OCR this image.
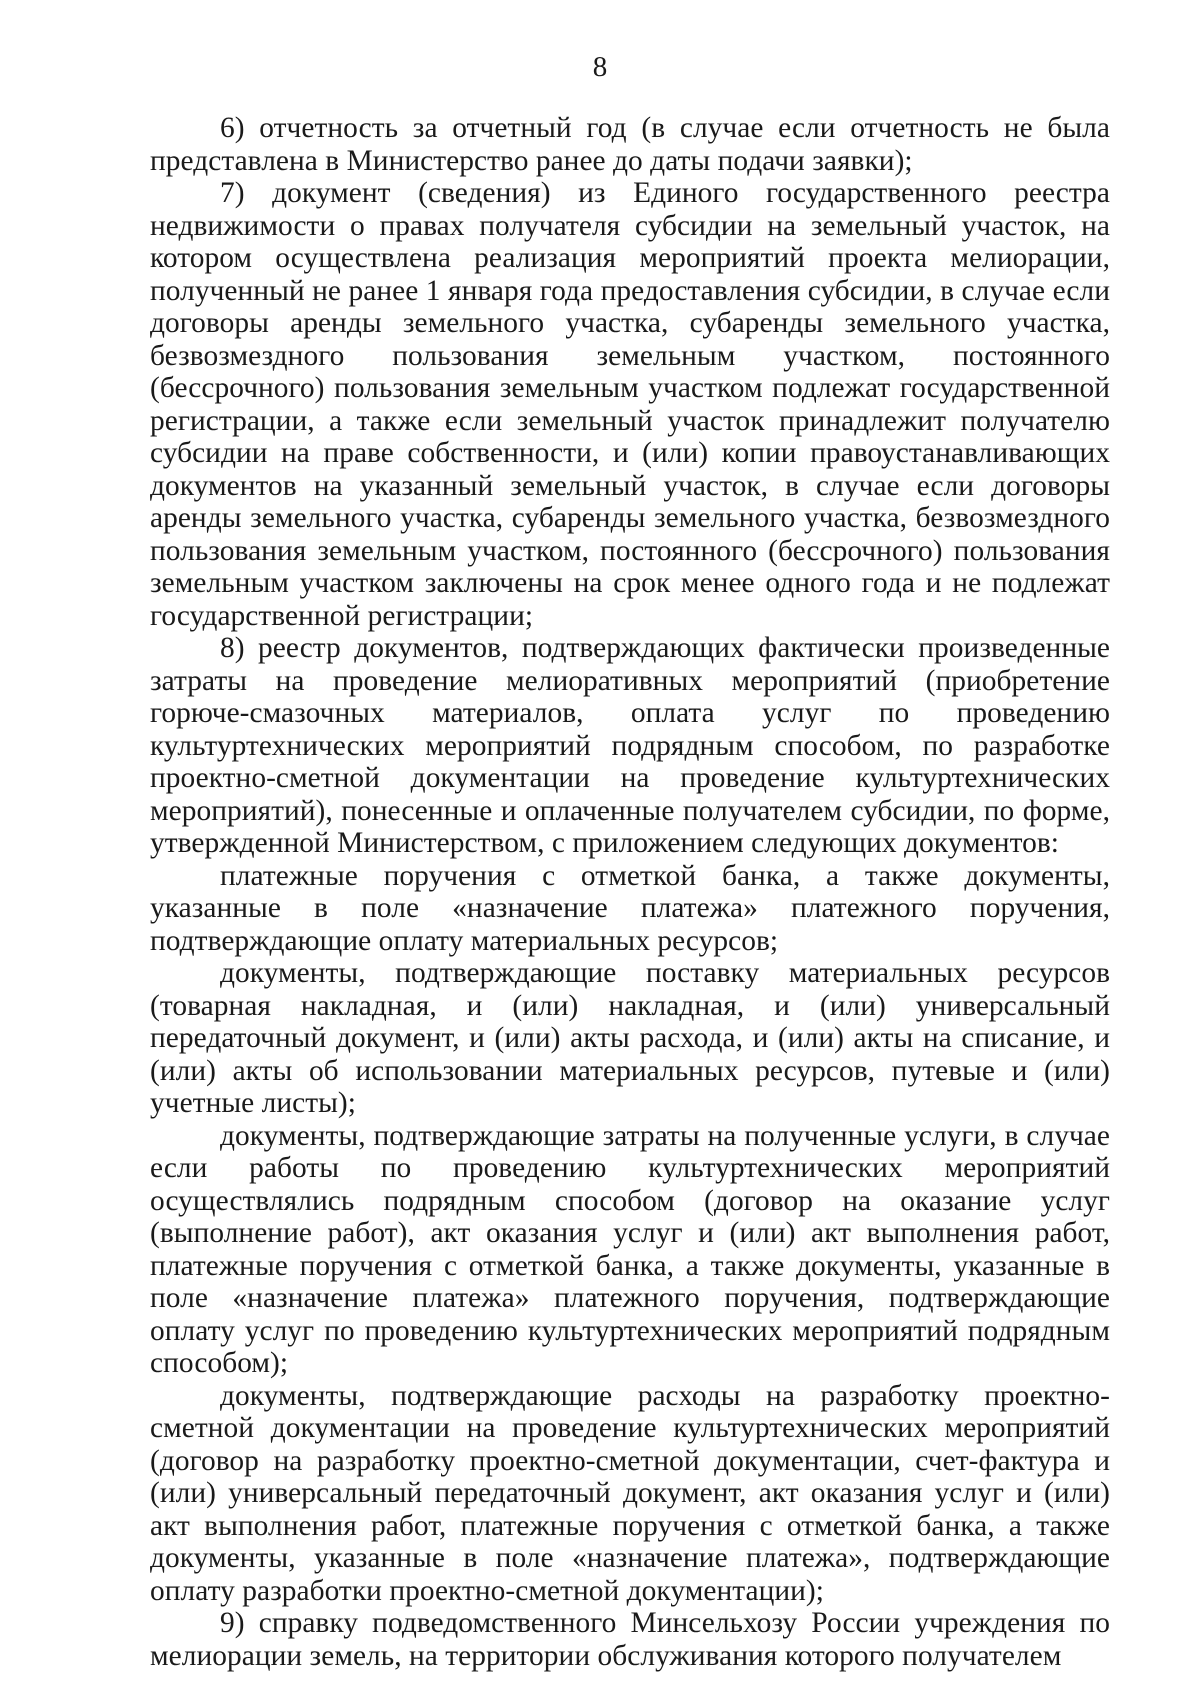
8

6) отчетность за отчетный год (в случае если отчетность не была представлена в Министерство ранее до даты подачи заявки);

7) документ (сведения) из Единого государственного реестра недвижимости о правах получателя субсидии на земельный участок, на котором осуществлена реализация мероприятий проекта мелиорации, полученный не ранее 1 января года предоставления субсидии, в случае если договоры аренды земельного участка, субаренды земельного участка, безвозмездного пользования земельным участком, постоянного (бессрочного) пользования земельным участком подлежат государственной регистрации, а также если земельный участок принадлежит получателю субсидии на праве собственности, и (или) копии правоустанавливающих документов на указанный земельный участок, в случае если договоры аренды земельного участка, субаренды земельного участка, безвозмездного пользования земельным участком, постоянного (бессрочного) пользования земельным участком заключены на срок менее одного года и не подлежат государственной регистрации;

8) реестр документов, подтверждающих фактически произведенные затраты на проведение мелиоративных мероприятий (приобретение горюче-смазочных материалов, оплата услуг по проведению культуртехнических мероприятий подрядным способом, по разработке проектно-сметной документации на проведение культуртехнических мероприятий), понесенные и оплаченные получателем субсидии, по форме, утвержденной Министерством, с приложением следующих документов:

платежные поручения с отметкой банка, а также документы, указанные в поле «назначение платежа» платежного поручения, подтверждающие оплату материальных ресурсов;

документы, подтверждающие поставку материальных ресурсов (товарная накладная, и (или) накладная, и (или) универсальный передаточный документ, и (или) акты расхода, и (или) акты на списание, и (или) акты об использовании материальных ресурсов, путевые и (или) учетные листы);

документы, подтверждающие затраты на полученные услуги, в случае если работы по проведению культуртехнических мероприятий осуществлялись подрядным способом (договор на оказание услуг (выполнение работ), акт оказания услуг и (или) акт выполнения работ, платежные поручения с отметкой банка, а также документы, указанные в поле «назначение платежа» платежного поручения, подтверждающие оплату услуг по проведению культуртехнических мероприятий подрядным способом);

документы, подтверждающие расходы на разработку проектно-сметной документации на проведение культуртехнических мероприятий (договор на разработку проектно-сметной документации, счет-фактура и (или) универсальный передаточный документ, акт оказания услуг и (или) акт выполнения работ, платежные поручения с отметкой банка, а также документы, указанные в поле «назначение платежа», подтверждающие оплату разработки проектно-сметной документации);

9) справку подведомственного Минсельхозу России учреждения по мелиорации земель, на территории обслуживания которого получателем
